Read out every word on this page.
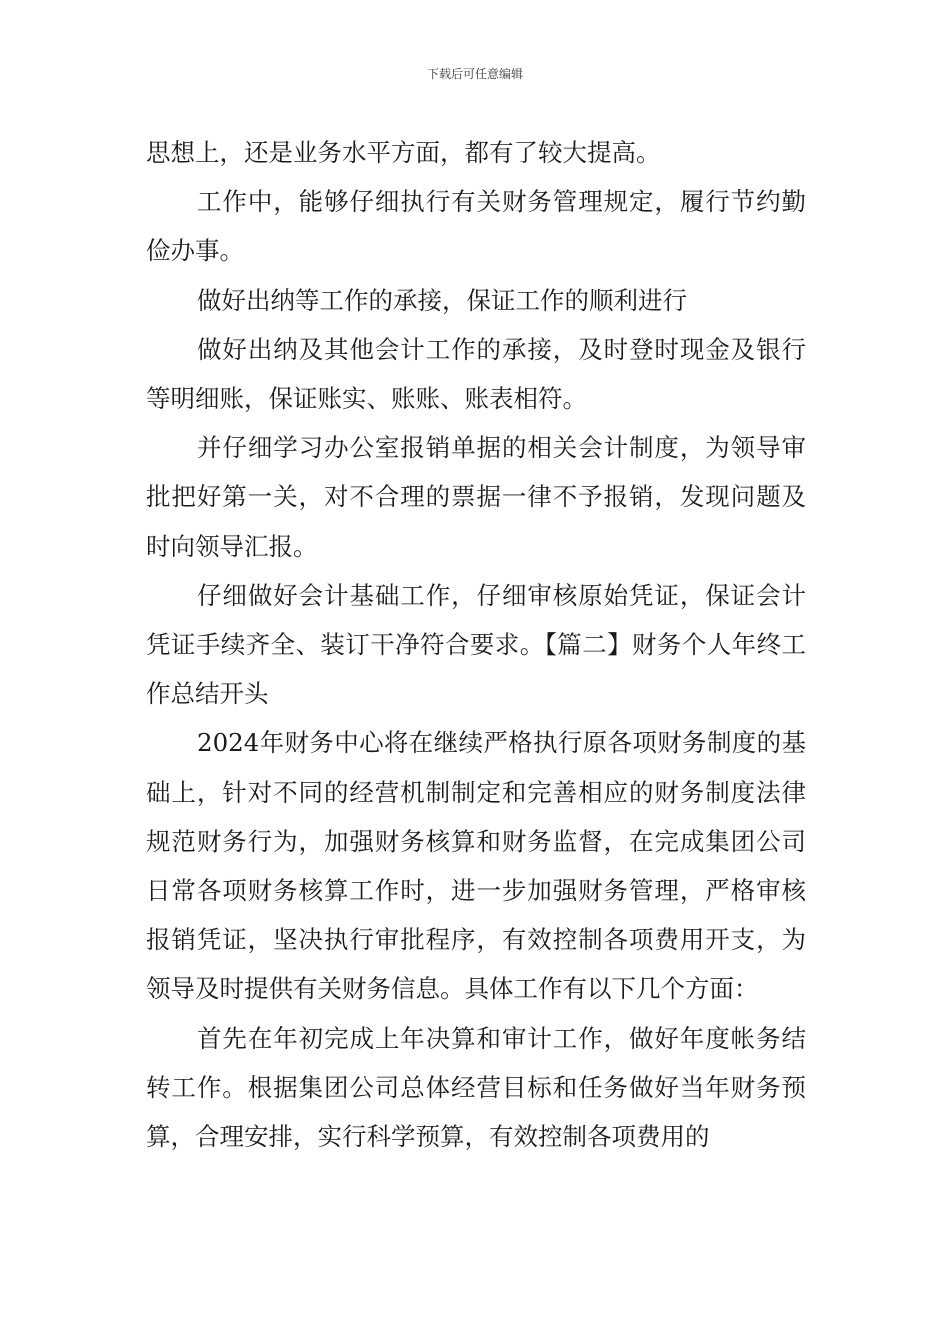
下载后可任意编辑

思想上，还是业务水平方面，都有了较大提高。

工作中，能够仔细执行有关财务管理规定，履行节约勤俭办事。

做好出纳等工作的承接，保证工作的顺利进行

做好出纳及其他会计工作的承接，及时登时现金及银行等明细账，保证账实、账账、账表相符。

并仔细学习办公室报销单据的相关会计制度，为领导审批把好第一关，对不合理的票据一律不予报销，发现问题及时向领导汇报。

仔细做好会计基础工作，仔细审核原始凭证，保证会计凭证手续齐全、装订干净符合要求。【篇二】财务个人年终工作总结开头

2024年财务中心将在继续严格执行原各项财务制度的基础上，针对不同的经营机制制定和完善相应的财务制度法律规范财务行为，加强财务核算和财务监督，在完成集团公司日常各项财务核算工作时，进一步加强财务管理，严格审核报销凭证，坚决执行审批程序，有效控制各项费用开支，为领导及时提供有关财务信息。具体工作有以下几个方面：

首先在年初完成上年决算和审计工作，做好年度帐务结转工作。根据集团公司总体经营目标和任务做好当年财务预算，合理安排，实行科学预算，有效控制各项费用的
